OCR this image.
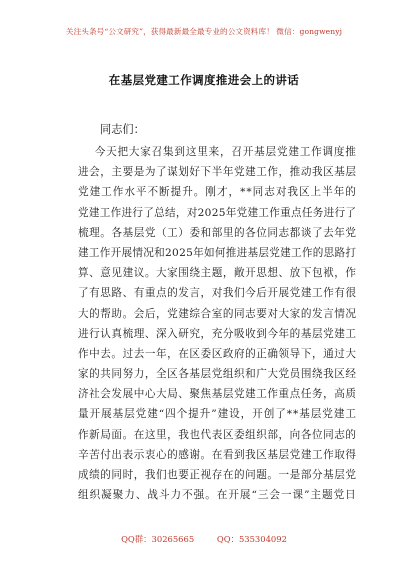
关注头条号“公文研究”，获得最新最全最专业的公文资料库！ 微信：gongwenyj
在基层党建工作调度推进会上的讲话
同志们：

今 天 把 大 家 召 集 到 这 里 来 ， 召 开 基 层 党 建 工 作 调 度 推
进 会 ， 主 要 是 为 了 谋 划 好 下 半 年 党 建 工 作 ， 推 动 我 区 基 层
党 建 工 作 水 平 不 断 提 升 。 刚 才 ， * * 同 志 对 我 区 上 半 年 的
党 建 工 作 进 行 了 总 结 ， 对 2 0 2 5 年 党 建 工 作 重 点 任 务 进 行 了
梳 理 。 各 基 层 党 （ 工 ） 委 和 部 里 的 各 位 同 志 都 谈 了 去 年 党
建 工 作 开 展 情 况 和 2 0 2 5 年 如 何 推 进 基 层 党 建 工 作 的 思 路 打
算 、 意 见 建 议 。 大 家 围 绕 主 题 ， 敞 开 思 想 、 放 下 包 袱 ， 作
了 有 思 路 、 有 重 点 的 发 言 ， 对 我 们 今 后 开 展 党 建 工 作 有 很
大 的 帮 助 。 会 后 ， 党 建 综 合 室 的 同 志 要 对 大 家 的 发 言 情 况
进 行 认 真 梳 理 、 深 入 研 究 ， 充 分 吸 收 到 今 年 的 基 层 党 建 工
作 中 去 。 过 去 一 年 ， 在 区 委 区 政 府 的 正 确 领 导 下 ， 通 过 大
家 的 共 同 努 力 ， 全 区 各 基 层 党 组 织 和 广 大 党 员 围 绕 我 区 经
济 社 会 发 展 中 心 大 局 、 聚 焦 基 层 党 建 工 作 重 点 任 务 ， 高 质
量 开 展 基 层 党 建 “ 四 个 提 升 ” 建 设 ， 开 创 了 * * 基 层 党 建 工
作 新 局 面 。 在 这 里 ， 我 也 代 表 区 委 组 织 部 ， 向 各 位 同 志 的
辛 苦 付 出 表 示 衷 心 的 感 谢 。 在 看 到 我 区 基 层 党 建 工 作 取 得
成 绩 的 同 时 ， 我 们 也 要 正 视 存 在 的 问 题 。 一 是 部 分 基 层 党
组 织 凝 聚 力 、 战 斗 力 不 强 。 在 开 展 “ 三 会 一 课 ” 主 题 党 日
QQ群：30265665	QQ：535304092
